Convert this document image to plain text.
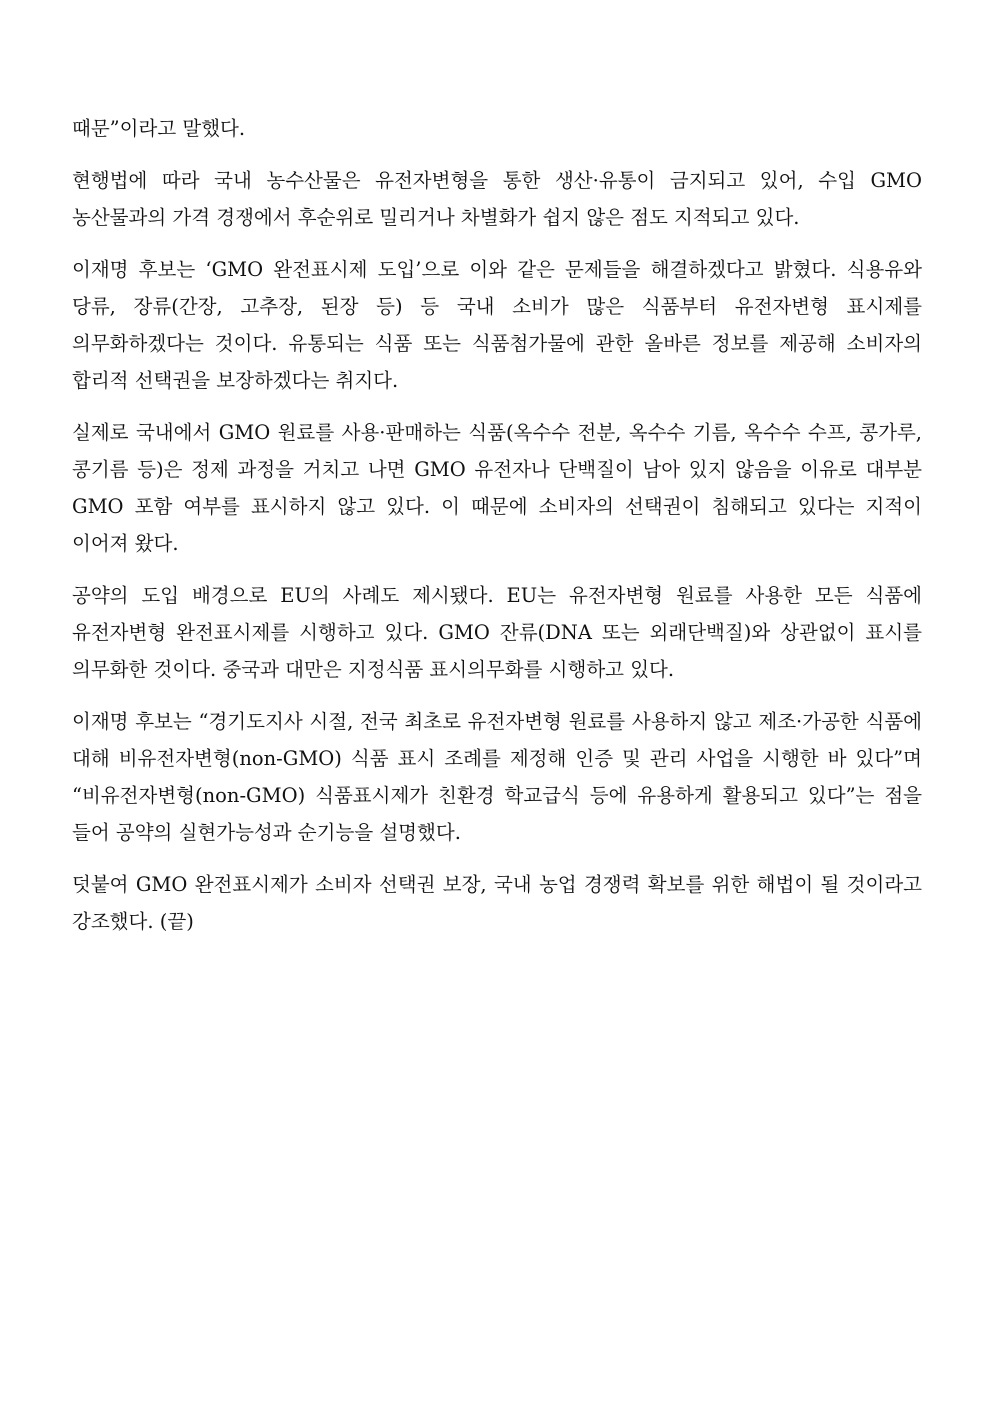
때문”이라고 말했다.

현행법에 따라 국내 농수산물은 유전자변형을 통한 생산·유통이 금지되고 있어, 수입 GMO 농산물과의 가격 경쟁에서 후순위로 밀리거나 차별화가 쉽지 않은 점도 지적되고 있다.

이재명 후보는 ‘GMO 완전표시제 도입’으로 이와 같은 문제들을 해결하겠다고 밝혔다. 식용유와 당류, 장류(간장, 고추장, 된장 등) 등 국내 소비가 많은 식품부터 유전자변형 표시제를 의무화하겠다는 것이다. 유통되는 식품 또는 식품첨가물에 관한 올바른 정보를 제공해 소비자의 합리적 선택권을 보장하겠다는 취지다.

실제로 국내에서 GMO 원료를 사용·판매하는 식품(옥수수 전분, 옥수수 기름, 옥수수 수프, 콩가루, 콩기름 등)은 정제 과정을 거치고 나면 GMO 유전자나 단백질이 남아 있지 않음을 이유로 대부분 GMO 포함 여부를 표시하지 않고 있다. 이 때문에 소비자의 선택권이 침해되고 있다는 지적이 이어져 왔다.

공약의 도입 배경으로 EU의 사례도 제시됐다. EU는 유전자변형 원료를 사용한 모든 식품에 유전자변형 완전표시제를 시행하고 있다. GMO 잔류(DNA 또는 외래단백질)와 상관없이 표시를 의무화한 것이다. 중국과 대만은 지정식품 표시의무화를 시행하고 있다.

이재명 후보는 “경기도지사 시절, 전국 최초로 유전자변형 원료를 사용하지 않고 제조·가공한 식품에 대해 비유전자변형(non-GMO) 식품 표시 조례를 제정해 인증 및 관리 사업을 시행한 바 있다”며 “비유전자변형(non-GMO) 식품표시제가 친환경 학교급식 등에 유용하게 활용되고 있다”는 점을 들어 공약의 실현가능성과 순기능을 설명했다.

덧붙여 GMO 완전표시제가 소비자 선택권 보장, 국내 농업 경쟁력 확보를 위한 해법이 될 것이라고 강조했다. (끝)
